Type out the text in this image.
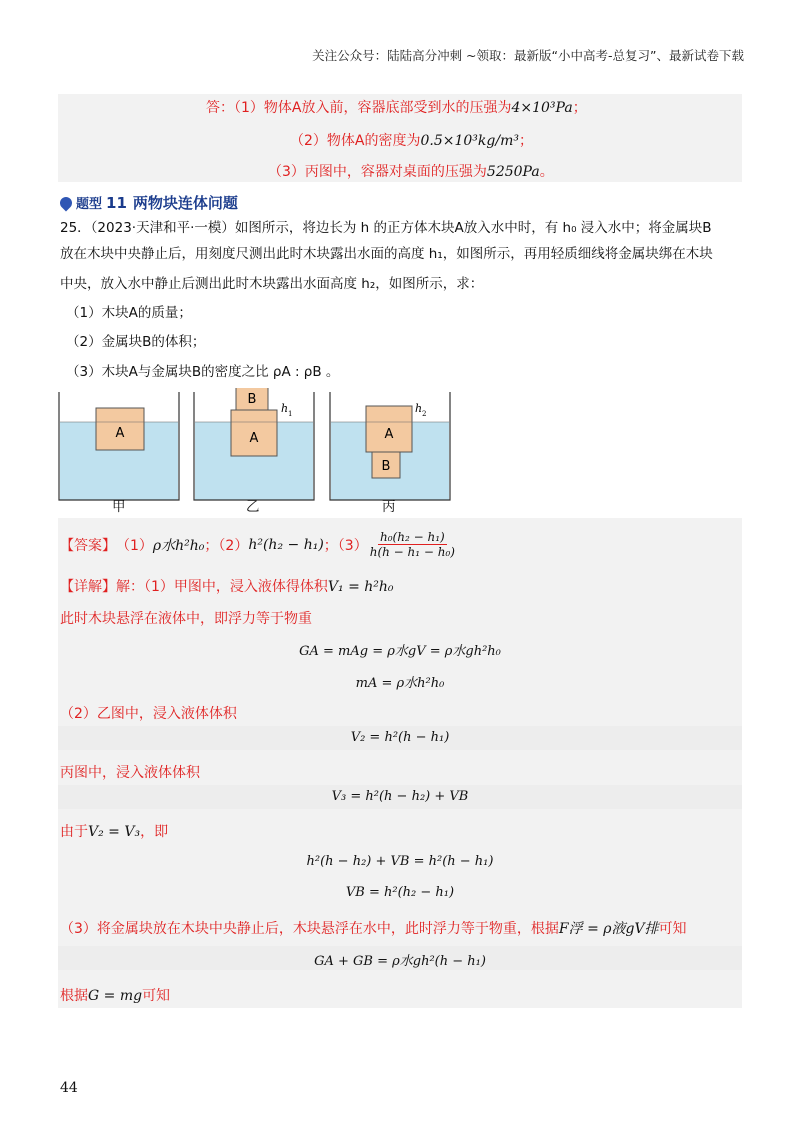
关注公众号：陆陆高分冲刺 ~领取：最新版“小中高考-总复习”、最新试卷下载
答：（1）物体A放入前，容器底部受到水的压强为4×10³Pa；
（2）物体A的密度为0.5×10³kg/m³；
（3）丙图中，容器对桌面的压强为5250Pa。
题型 11 两物块连体问题
25．（2023·天津和平·一模）如图所示，将边长为 h 的正方体木块A放入水中时，有 h₀ 浸入水中；将金属块B
放在木块中央静止后，用刻度尺测出此时木块露出水面的高度 h₁，如图所示，再用轻质细线将金属块绑在木块
中央，放入水中静止后测出此时木块露出水面高度 h₂，如图所示，求：
（1）木块A的质量；
（2）金属块B的体积；
（3）木块A与金属块B的密度之比 ρA : ρB 。
A	A
B
h 1
A
B
h 2
甲	乙	丙
【答案】 （1） ρ水h²h₀ ；（2） h²(h₂ − h₁) ；$(3) \frac{\text{h₀(h₂ − h₁)}}{\text{h(h − h₁ − h₀)}}$
【详解】解：（1）甲图中，浸入液体得体积V₁ = h²h₀
此时木块悬浮在液体中，即浮力等于物重
GA = mAg = ρ水gV = ρ水gh²h₀
mA = ρ水h²h₀
（2）乙图中，浸入液体体积
V₂ = h²(h − h₁)
丙图中，浸入液体体积
V₃ = h²(h − h₂) + VB
由于V₂ = V₃，即
h²(h − h₂) + VB = h²(h − h₁)
VB = h²(h₂ − h₁)
（3）将金属块放在木块中央静止后，木块悬浮在水中，此时浮力等于物重，根据F浮 = ρ液gV排可知
GA + GB = ρ水gh²(h − h₁)
根据G = mg可知
44
